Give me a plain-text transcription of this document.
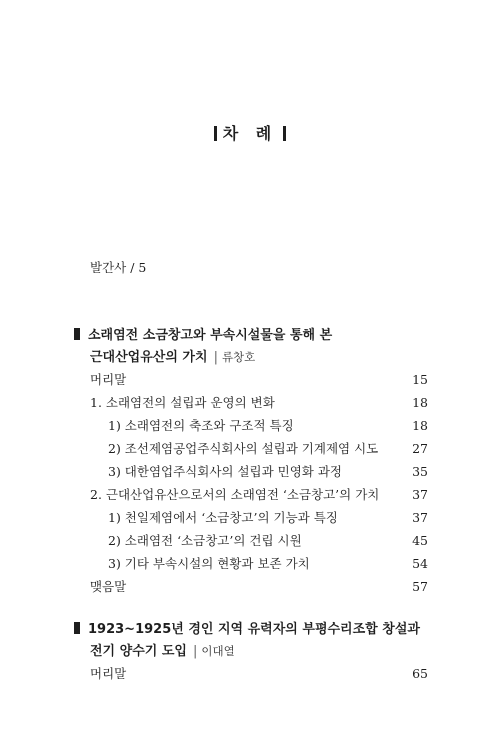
차 례
발간사 / 5
소래염전 소금창고와 부속시설물을 통해 본
근대산업유산의 가치 | 류창호
머리말	15
1. 소래염전의 설립과 운영의 변화	18
1) 소래염전의 축조와 구조적 특징	18
2) 조선제염공업주식회사의 설립과 기계제염 시도	27
3) 대한염업주식회사의 설립과 민영화 과정	35
2. 근대산업유산으로서의 소래염전 ‘소금창고’의 가치	37
1) 천일제염에서 ‘소금창고’의 기능과 특징	37
2) 소래염전 ‘소금창고’의 건립 시원	45
3) 기타 부속시설의 현황과 보존 가치	54
맺음말	57
1923~1925년 경인 지역 유력자의 부평수리조합 창설과
전기 양수기 도입 | 이대열
머리말	65
